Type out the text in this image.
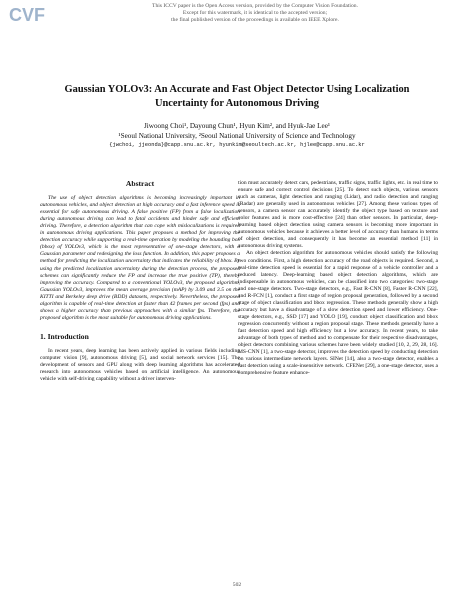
CVF	This ICCV paper is the Open Access version, provided by the Computer Vision Foundation.
Except for this watermark, it is identical to the accepted version;
the final published version of the proceedings is available on IEEE Xplore.
Gaussian YOLOv3: An Accurate and Fast Object Detector Using Localization
Uncertainty for Autonomous Driving
Jiwoong Choi¹, Dayoung Chun¹, Hyun Kim², and Hyuk-Jae Lee¹
¹Seoul National University, ²Seoul National University of Science and Technology
{jwchoi, jjeonda}@capp.snu.ac.kr, hyunkim@seoultech.ac.kr, hjlee@capp.snu.ac.kr
Abstract

The use of object detection algorithms is becoming increasingly important in autonomous vehicles, and object detection at high accuracy and a fast inference speed is essential for safe autonomous driving. A false positive (FP) from a false localization during autonomous driving can lead to fatal accidents and hinder safe and efficient driving. Therefore, a detection algorithm that can cope with mislocalizations is required in autonomous driving applications. This paper proposes a method for improving the detection accuracy while supporting a real-time operation by modeling the bounding box (bbox) of YOLOv3, which is the most representative of one-stage detectors, with a Gaussian parameter and redesigning the loss function. In addition, this paper proposes a method for predicting the localization uncertainty that indicates the reliability of bbox. By using the predicted localization uncertainty during the detection process, the proposed schemes can significantly reduce the FP and increase the true positive (TP), thereby improving the accuracy. Compared to a conventional YOLOv3, the proposed algorithm, Gaussian YOLOv3, improves the mean average precision (mAP) by 3.09 and 3.5 on the KITTI and Berkeley deep drive (BDD) datasets, respectively. Nevertheless, the proposed algorithm is capable of real-time detection at faster than 42 frames per second (fps) and shows a higher accuracy than previous approaches with a similar fps. Therefore, the proposed algorithm is the most suitable for autonomous driving applications.

1. Introduction

In recent years, deep learning has been actively applied in various fields including computer vision [9], autonomous driving [5], and social network services [15]. The development of sensors and GPU along with deep learning algorithms has accelerated research into autonomous vehicles based on artificial intelligence. An autonomous vehicle with self-driving capability without a driver interven-

tion must accurately detect cars, pedestrians, traffic signs, traffic lights, etc. in real time to ensure safe and correct control decisions [25]. To detect such objects, various sensors such as cameras, light detection and ranging (Lidar), and radio detection and ranging (Radar) are generally used in autonomous vehicles [27]. Among these various types of sensors, a camera sensor can accurately identify the object type based on texture and color features and is more cost-effective [24] than other sensors. In particular, deep-learning based object detection using camera sensors is becoming more important in autonomous vehicles because it achieves a better level of accuracy than humans in terms of object detection, and consequently it has become an essential method [11] in autonomous driving systems.

An object detection algorithm for autonomous vehicles should satisfy the following two conditions. First, a high detection accuracy of the road objects is required. Second, a real-time detection speed is essential for a rapid response of a vehicle controller and a reduced latency. Deep-learning based object detection algorithms, which are indispensable in autonomous vehicles, can be classified into two categories: two-stage and one-stage detectors. Two-stage detectors, e.g., Fast R-CNN [8], Faster R-CNN [22], and R-FCN [1], conduct a first stage of region proposal generation, followed by a second stage of object classification and bbox regression. These methods generally show a high accuracy but have a disadvantage of a slow detection speed and lower efficiency. One-stage detectors, e.g., SSD [17] and YOLO [19], conduct object classification and bbox regression concurrently without a region proposal stage. These methods generally have a fast detection speed and high efficiency but a low accuracy. In recent years, to take advantage of both types of method and to compensate for their respective disadvantages, object detectors combining various schemes have been widely studied [10, 2, 29, 28, 16]. MS-CNN [1], a two-stage detector, improves the detection speed by conducting detection on various intermediate network layers. SINet [14], also a two-stage detector, enables a fast detection using a scale-insensitive network. CFENet [29], a one-stage detector, uses a comprehensive feature enhance-

502
